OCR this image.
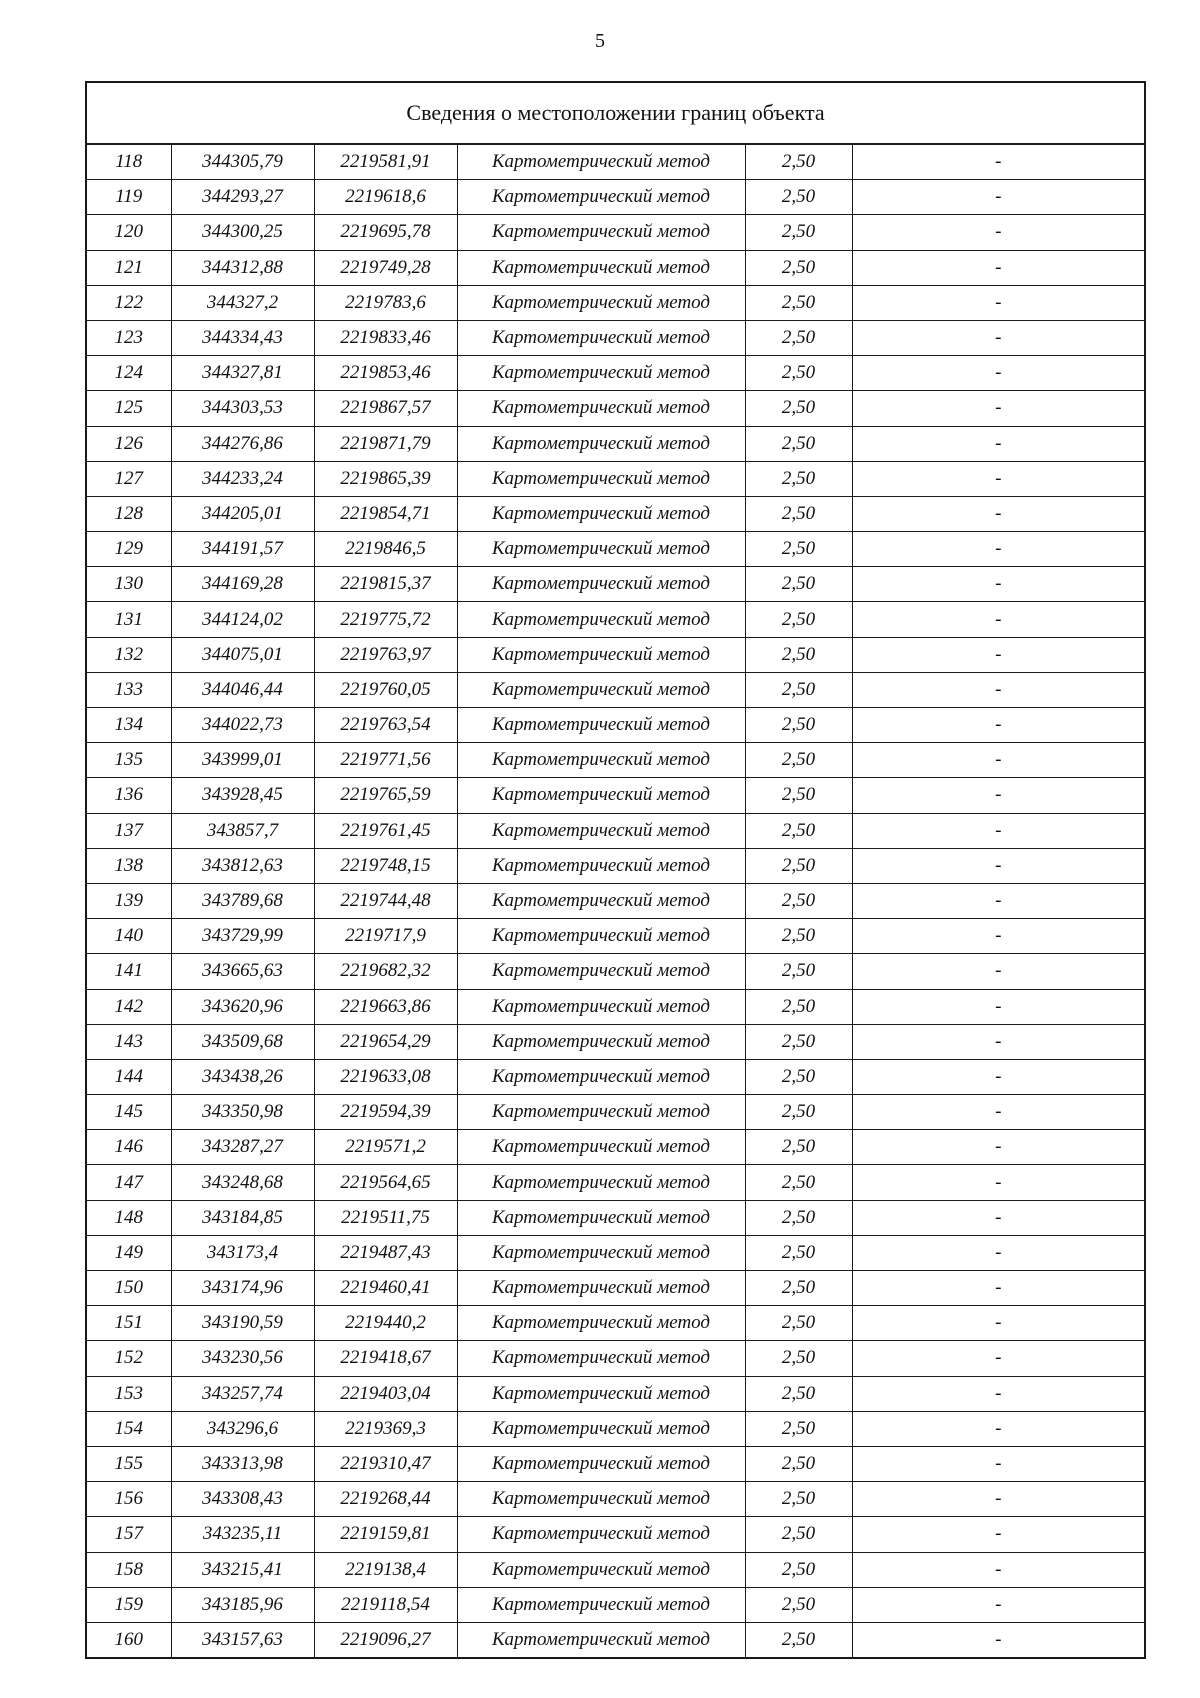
5
Сведения о местоположении границ объекта					
118	344305,79	2219581,91	Картометрический метод	2,50	-
119	344293,27	2219618,6	Картометрический метод	2,50	-
120	344300,25	2219695,78	Картометрический метод	2,50	-
121	344312,88	2219749,28	Картометрический метод	2,50	-
122	344327,2	2219783,6	Картометрический метод	2,50	-
123	344334,43	2219833,46	Картометрический метод	2,50	-
124	344327,81	2219853,46	Картометрический метод	2,50	-
125	344303,53	2219867,57	Картометрический метод	2,50	-
126	344276,86	2219871,79	Картометрический метод	2,50	-
127	344233,24	2219865,39	Картометрический метод	2,50	-
128	344205,01	2219854,71	Картометрический метод	2,50	-
129	344191,57	2219846,5	Картометрический метод	2,50	-
130	344169,28	2219815,37	Картометрический метод	2,50	-
131	344124,02	2219775,72	Картометрический метод	2,50	-
132	344075,01	2219763,97	Картометрический метод	2,50	-
133	344046,44	2219760,05	Картометрический метод	2,50	-
134	344022,73	2219763,54	Картометрический метод	2,50	-
135	343999,01	2219771,56	Картометрический метод	2,50	-
136	343928,45	2219765,59	Картометрический метод	2,50	-
137	343857,7	2219761,45	Картометрический метод	2,50	-
138	343812,63	2219748,15	Картометрический метод	2,50	-
139	343789,68	2219744,48	Картометрический метод	2,50	-
140	343729,99	2219717,9	Картометрический метод	2,50	-
141	343665,63	2219682,32	Картометрический метод	2,50	-
142	343620,96	2219663,86	Картометрический метод	2,50	-
143	343509,68	2219654,29	Картометрический метод	2,50	-
144	343438,26	2219633,08	Картометрический метод	2,50	-
145	343350,98	2219594,39	Картометрический метод	2,50	-
146	343287,27	2219571,2	Картометрический метод	2,50	-
147	343248,68	2219564,65	Картометрический метод	2,50	-
148	343184,85	2219511,75	Картометрический метод	2,50	-
149	343173,4	2219487,43	Картометрический метод	2,50	-
150	343174,96	2219460,41	Картометрический метод	2,50	-
151	343190,59	2219440,2	Картометрический метод	2,50	-
152	343230,56	2219418,67	Картометрический метод	2,50	-
153	343257,74	2219403,04	Картометрический метод	2,50	-
154	343296,6	2219369,3	Картометрический метод	2,50	-
155	343313,98	2219310,47	Картометрический метод	2,50	-
156	343308,43	2219268,44	Картометрический метод	2,50	-
157	343235,11	2219159,81	Картометрический метод	2,50	-
158	343215,41	2219138,4	Картометрический метод	2,50	-
159	343185,96	2219118,54	Картометрический метод	2,50	-
160	343157,63	2219096,27	Картометрический метод	2,50	-
